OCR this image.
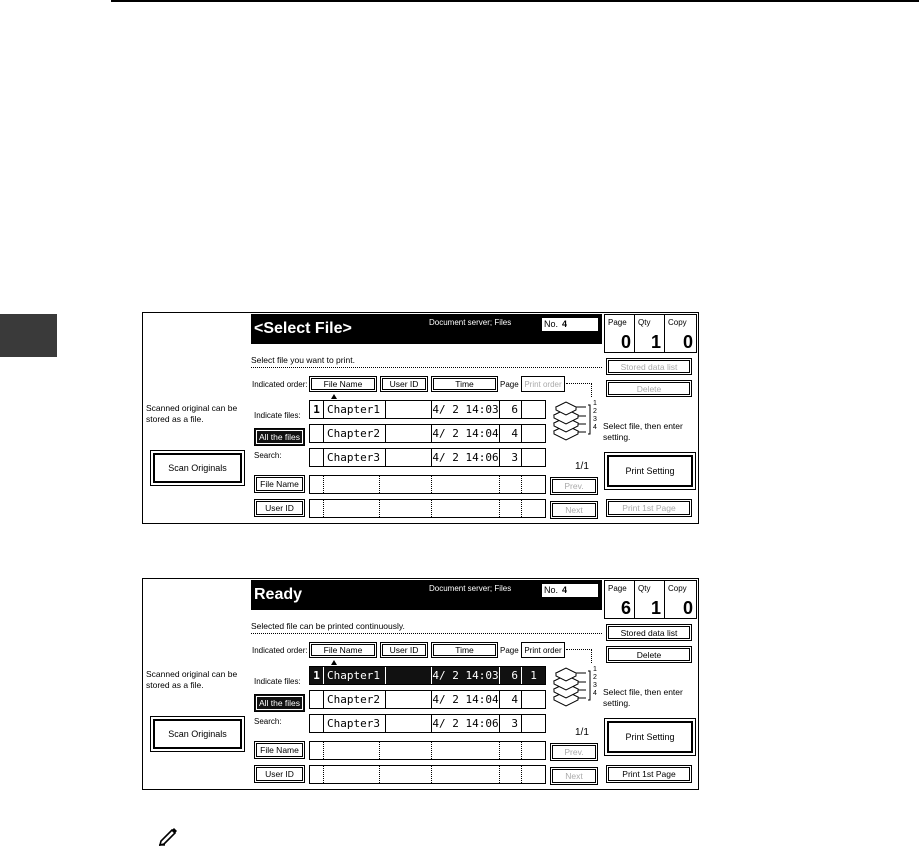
Scanned original can be stored as a file.
Scan Originals
<Select File>	Document server; Files	No. 4	Page
0
Qty
1
Copy
0
Select file you want to print.
Indicated order:	File Name	User ID	Time	Page Print order
Indicate files:
All the files
Search:
File Name
User ID
1 Chapter1	4/ 2 14:03	6
Chapter2	4/ 2 14:04	4
Chapter3	4/ 2 14:06	3
1
2
3
4
1/1
Prev.
Next
Stored data list
Delete
Select file, then enter setting.
Print Setting
Print 1st Page
Scanned original can be stored as a file.
Scan Originals
Ready	Document server; Files	No. 4	Page
6
Qty
1
Copy
0
Selected file can be printed continuously.
Indicated order:	File Name	User ID	Time	Page Print order
Indicate files:
All the files
Search:
File Name
User ID
1 Chapter1	4/ 2 14:03	6	1
Chapter2	4/ 2 14:04	4
Chapter3	4/ 2 14:06	3
1
2
3
4
1/1
Prev.
Next
Stored data list
Delete
Select file, then enter setting.
Print Setting
Print 1st Page
